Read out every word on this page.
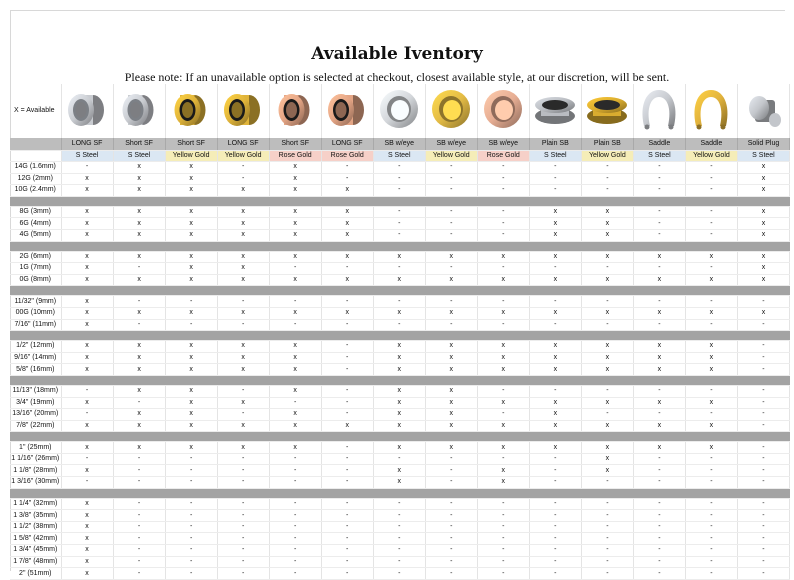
Available Iventory
Please note: If an unavailable option is selected at checkout, closest available style, at our discretion, will be sent.
X = Available														
	LONG SF	Short SF	Short SF	LONG SF	Short SF	LONG SF	SB w/eye	SB w/eye	SB w/eye	Plain SB	Plain SB	Saddle	Saddle	Solid Plug
	S Steel	S Steel	Yellow Gold	Yellow Gold	Rose Gold	Rose Gold	S Steel	Yellow Gold	Rose Gold	S Steel	Yellow Gold	S Steel	Yellow Gold	S Steel
14G (1.6mm)	-	x	x	-	x	-	-	-	-	-	-	-	-	x
12G (2mm)	x	x	x	-	x	-	-	-	-	-	-	-	-	x
10G (2.4mm)	x	x	x	x	x	x	-	-	-	-	-	-	-	x

8G (3mm)	x	x	x	x	x	x	-	-	-	x	x	-	-	x
6G (4mm)	x	x	x	x	x	x	-	-	-	x	x	-	-	x
4G (5mm)	x	x	x	x	x	x	-	-	-	x	x	-	-	x

2G (6mm)	x	x	x	x	x	x	x	x	x	x	x	x	x	x
1G (7mm)	x	-	x	x	-	-	-	-	-	-	-	-	-	x
0G (8mm)	x	x	x	x	x	x	x	x	x	x	x	x	x	x

11/32" (9mm)	x	-	-	-	-	-	-	-	-	-	-	-	-	-
00G (10mm)	x	x	x	x	x	x	x	x	x	x	x	x	x	x
7/16" (11mm)	x	-	-	-	-	-	-	-	-	-	-	-	-	-

1/2" (12mm)	x	x	x	x	x	-	x	x	x	x	x	x	x	-
9/16" (14mm)	x	x	x	x	x	-	x	x	x	x	x	x	x	-
5/8" (16mm)	x	x	x	x	x	-	x	x	x	x	x	x	x	-

11/13" (18mm)	-	x	x	-	x	-	x	x	-	-	-	-	-	-
3/4" (19mm)	x	-	x	x	-	-	x	x	x	x	x	x	x	-
13/16" (20mm)	-	x	x	-	x	-	x	x	-	x	-	-	-	-
7/8" (22mm)	x	x	x	x	x	x	x	x	x	x	x	x	x	-

1" (25mm)	x	x	x	x	x	-	x	x	x	x	x	x	x	-
1 1/16" (26mm)	-	-	-	-	-	-	-	-	-	-	x	-	-	-
1 1/8" (28mm)	x	-	-	-	-	-	x	-	x	-	x	-	-	-
1 3/16" (30mm)	-	-	-	-	-	-	x	-	x	-	-	-	-	-

1 1/4" (32mm)	x	-	-	-	-	-	-	-	-	-	-	-	-	-
1 3/8" (35mm)	x	-	-	-	-	-	-	-	-	-	-	-	-	-
1 1/2" (38mm)	x	-	-	-	-	-	-	-	-	-	-	-	-	-
1 5/8" (42mm)	x	-	-	-	-	-	-	-	-	-	-	-	-	-
1 3/4" (45mm)	x	-	-	-	-	-	-	-	-	-	-	-	-	-
1 7/8" (48mm)	x	-	-	-	-	-	-	-	-	-	-	-	-	-
2" (51mm)	x	-	-	-	-	-	-	-	-	-	-	-	-	-
